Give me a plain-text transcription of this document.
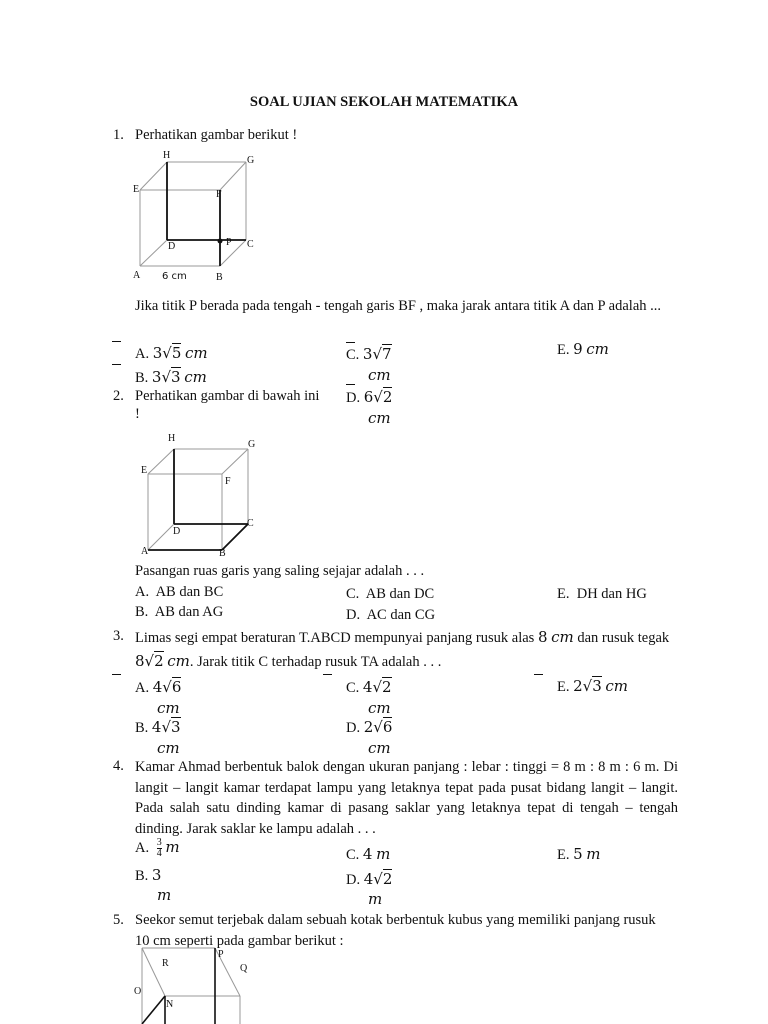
SOAL UJIAN SEKOLAH MATEMATIKA
1. Perhatikan gambar berikut !
H	G
E	F
D	P C
A	B
6 cm
Jika titik P berada pada tengah - tengah garis BF , maka jarak antara titik A dan P adalah ...
A. 3√5 cm
B. 3√3 cm
C. 3√7
cm
D. 6√2
cm
E. 9 cm
2. Perhatikan gambar di bawah ini
!
H
G
E
F
D
C
A	B
Pasangan ruas garis yang saling sejajar adalah . . .
A. AB dan BC
B. AB dan AG
C. AB dan DC
D. AC dan CG
E. DH dan HG
3. Limas segi empat beraturan T.ABCD mempunyai panjang rusuk alas 8 cm dan rusuk tegak
8√2 cm. Jarak titik C terhadap rusuk TA adalah . . .
A. 4√6
cm
B. 4√3
cm
C. 4√2
cm
D. 2√6
cm
E. 2√3 cm
4. Kamar Ahmad berbentuk balok dengan ukuran panjang : lebar : tinggi = 8 m : 8 m : 6 m. Di langit – langit kamar terdapat lampu yang letaknya tepat pada pusat bidang langit – langit. Pada salah satu dinding kamar di pasang saklar yang letaknya tepat di tengah – tengah dinding. Jarak saklar ke lampu adalah . . .
A. $\frac{3}{4}$ m
B. 3
m
C. 4 m
D. 4√2
m
E. 5 m
5. Seekor semut terjebak dalam sebuah kotak berbentuk kubus yang memiliki panjang rusuk
10 cm seperti pada gambar berikut :
R
P
Q
O
N
